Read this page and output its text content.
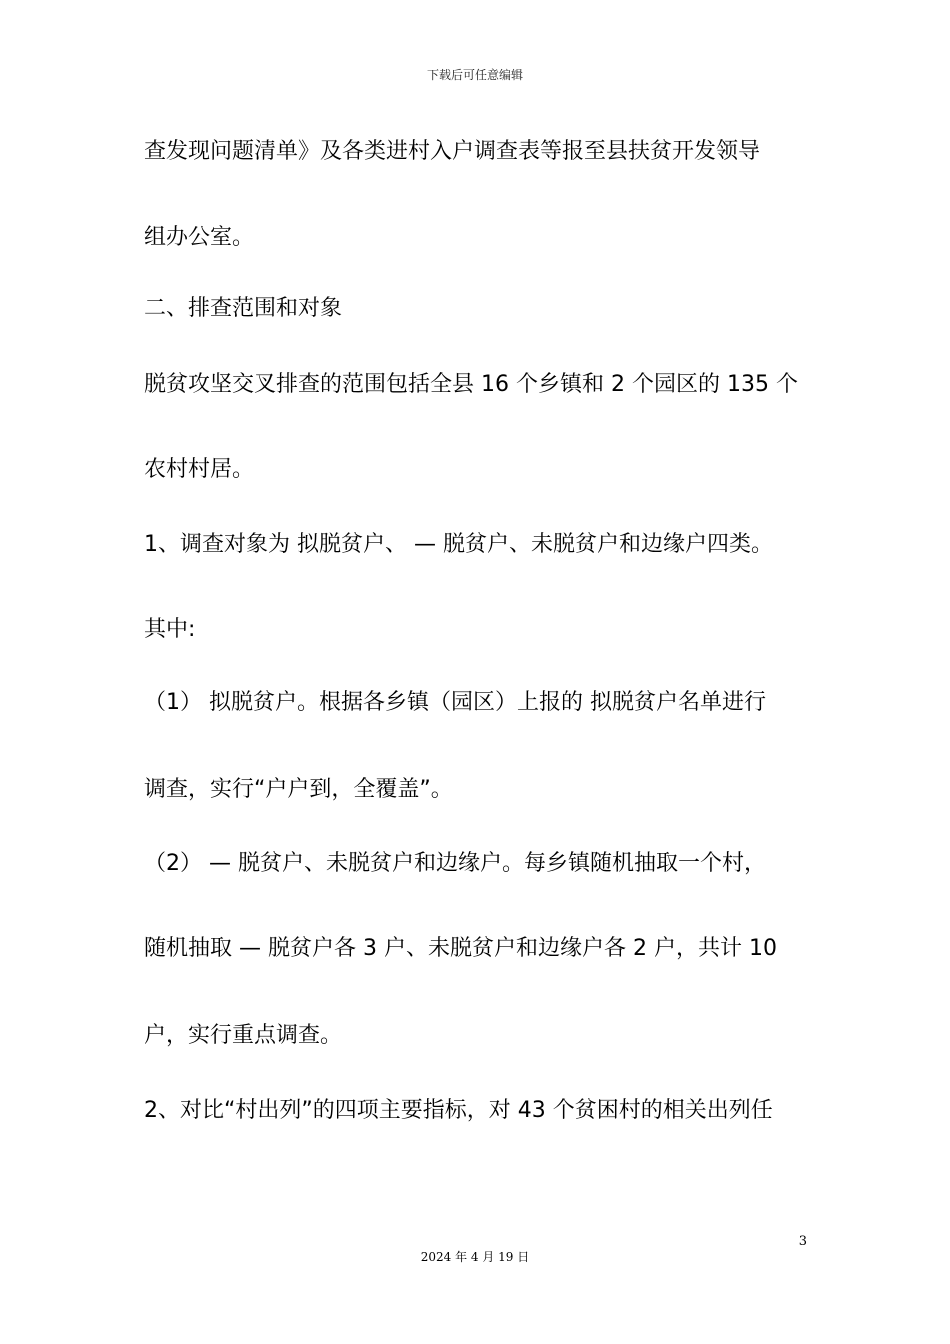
下载后可任意编辑
查发现问题清单》及各类进村入户调查表等报至县扶贫开发领导
组办公室。
二、排查范围和对象
脱贫攻坚交叉排查的范围包括全县 16 个乡镇和 2 个园区的 135 个
农村村居。
1、调查对象为 拟脱贫户、 — 脱贫户、未脱贫户和边缘户四类。
其中:
（1） 拟脱贫户。根据各乡镇（园区）上报的 拟脱贫户名单进行
调查，实行“户户到，全覆盖”。
（2） — 脱贫户、未脱贫户和边缘户。每乡镇随机抽取一个村，
随机抽取 — 脱贫户各 3 户、未脱贫户和边缘户各 2 户，共计 10
户，实行重点调查。
2、对比“村出列”的四项主要指标，对 43 个贫困村的相关出列任
3
2024 年 4 月 19 日
